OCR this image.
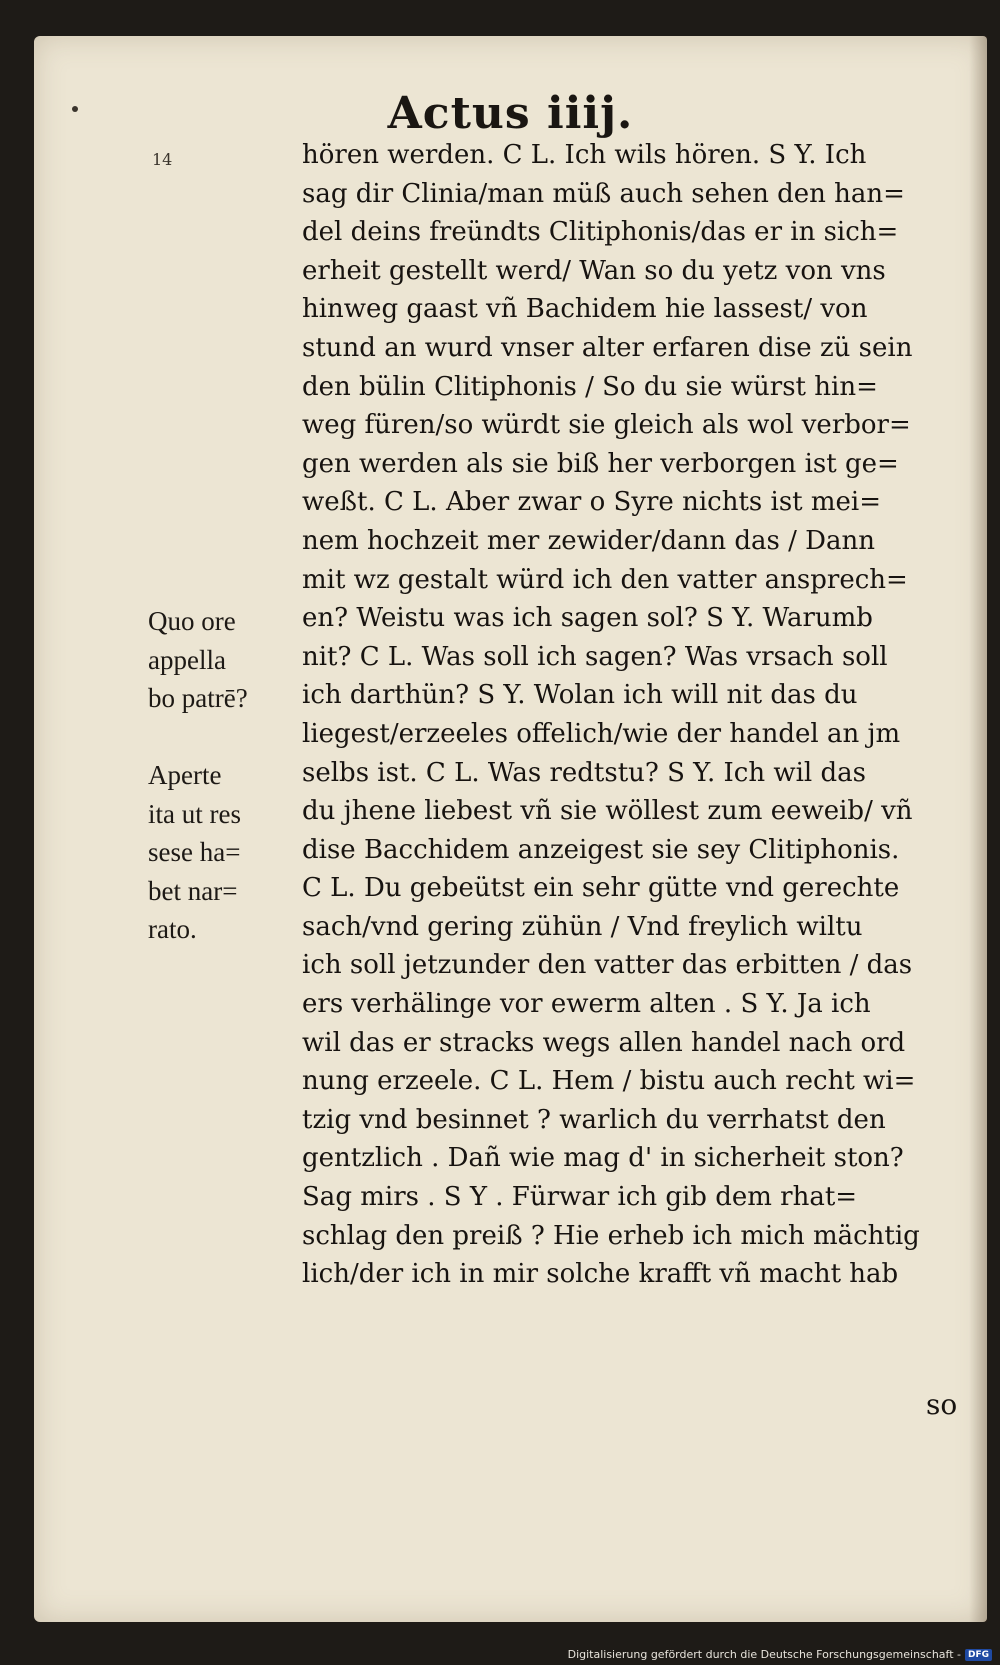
Actus iiij.
14	hören werden. C L. Ich wils hören. S Y. Ich
sag dir Clinia/man müß auch sehen den han=
del deins freündts Clitiphonis/das er in sich=
erheit gestellt werd/ Wan so du yetz von vns
hinweg gaast vñ Bachidem hie lassest/ von
stund an wurd vnser alter erfaren dise zü sein
den bülin Clitiphonis / So du sie würst hin=
weg füren/so würdt sie gleich als wol verbor=
gen werden als sie biß her verborgen ist ge=
weßt. C L. Aber zwar o Syre nichts ist mei=
nem hochzeit mer zewider/dann das / Dann
mit wz gestalt würd ich den vatter ansprech=
en? Weistu was ich sagen sol? S Y. Warumb
nit? C L. Was soll ich sagen? Was vrsach soll
ich darthün? S Y. Wolan ich will nit das du
liegest/erzeeles offelich/wie der handel an jm
selbs ist. C L. Was redtstu? S Y. Ich wil das
du jhene liebest vñ sie wöllest zum eeweib/ vñ
dise Bacchidem anzeigest sie sey Clitiphonis.
C L. Du gebeütst ein sehr gütte vnd gerechte
sach/vnd gering zühün / Vnd freylich wiltu
ich soll jetzunder den vatter das erbitten / das
ers verhälinge vor ewerm alten . S Y. Ja ich
wil das er stracks wegs allen handel nach ord
nung erzeele. C L. Hem / bistu auch recht wi=
tzig vnd besinnet ? warlich du verrhatst den
gentzlich . Dañ wie mag d' in sicherheit ston?
Sag mirs . S Y . Fürwar ich gib dem rhat=
schlag den preiß ? Hie erheb ich mich mächtig
lich/der ich in mir solche krafft vñ macht hab
Quo ore
appella
bo patrē?
Aperte
ita ut res
sese ha=
bet nar=
rato.
so
Digitalisierung gefördert durch die Deutsche Forschungsgemeinschaft - DFG
